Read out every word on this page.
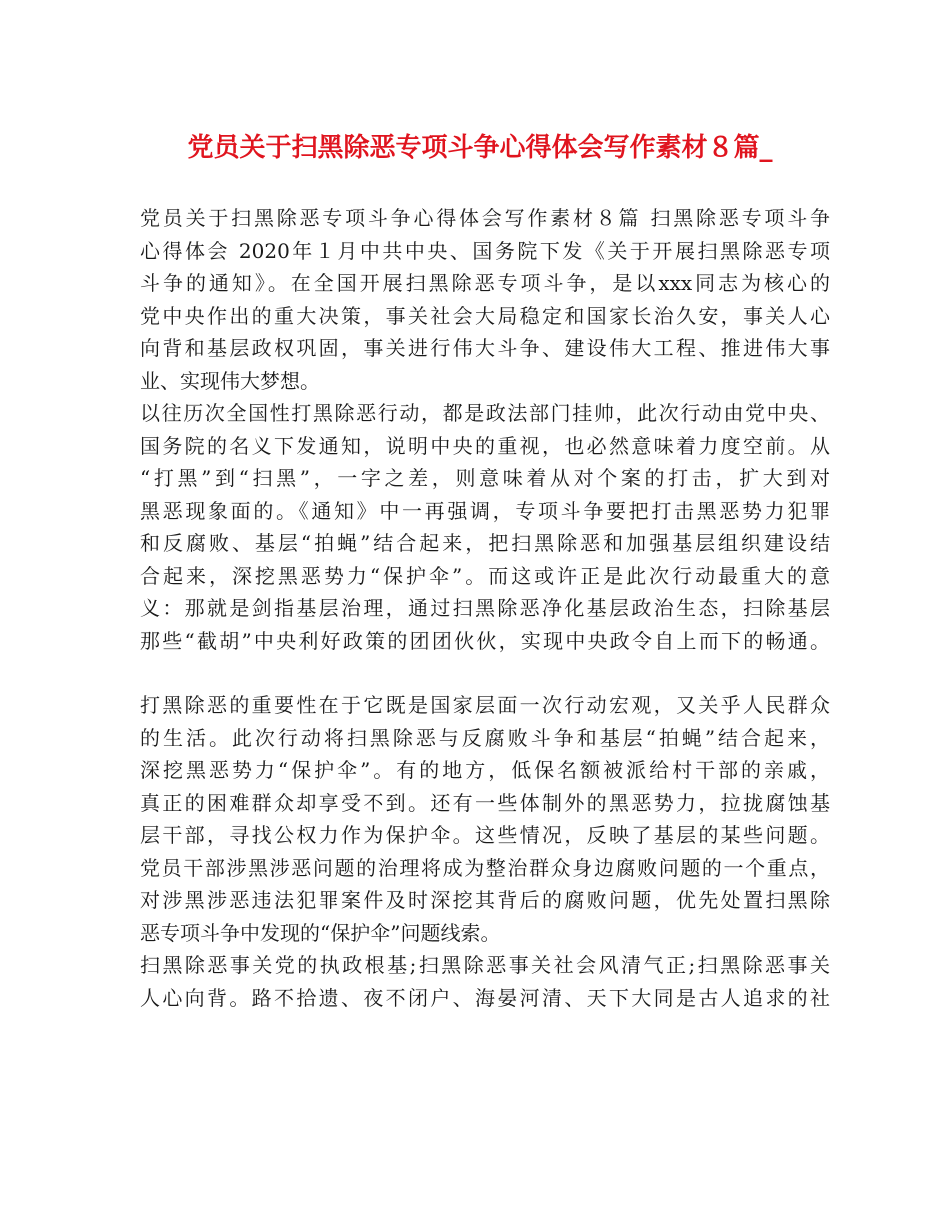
党员关于扫黑除恶专项斗争心得体会写作素材８篇_
党员关于扫黑除恶专项斗争心得体会写作素材８篇 扫黑除恶专项斗争
心得体会 2020年１月中共中央、国务院下发《关于开展扫黑除恶专项
斗争的通知》。在全国开展扫黑除恶专项斗争，是以xxx同志为核心的
党中央作出的重大决策，事关社会大局稳定和国家长治久安，事关人心
向背和基层政权巩固，事关进行伟大斗争、建设伟大工程、推进伟大事
业、实现伟大梦想。
以往历次全国性打黑除恶行动，都是政法部门挂帅，此次行动由党中央、
国务院的名义下发通知，说明中央的重视，也必然意味着力度空前。从
“打黑”到“扫黑”，一字之差，则意味着从对个案的打击，扩大到对
黑恶现象面的。《通知》中一再强调，专项斗争要把打击黑恶势力犯罪
和反腐败、基层“拍蝇”结合起来，把扫黑除恶和加强基层组织建设结
合起来，深挖黑恶势力“保护伞”。而这或许正是此次行动最重大的意
义：那就是剑指基层治理，通过扫黑除恶净化基层政治生态，扫除基层
那些“截胡”中央利好政策的团团伙伙，实现中央政令自上而下的畅通。
打黑除恶的重要性在于它既是国家层面一次行动宏观，又关乎人民群众
的生活。此次行动将扫黑除恶与反腐败斗争和基层“拍蝇”结合起来，
深挖黑恶势力“保护伞”。有的地方，低保名额被派给村干部的亲戚，
真正的困难群众却享受不到。还有一些体制外的黑恶势力，拉拢腐蚀基
层干部，寻找公权力作为保护伞。这些情况，反映了基层的某些问题。
党员干部涉黑涉恶问题的治理将成为整治群众身边腐败问题的一个重点，
对涉黑涉恶违法犯罪案件及时深挖其背后的腐败问题，优先处置扫黑除
恶专项斗争中发现的“保护伞”问题线索。
扫黑除恶事关党的执政根基;扫黑除恶事关社会风清气正;扫黑除恶事关
人心向背。路不拾遗、夜不闭户、海晏河清、天下大同是古人追求的社
